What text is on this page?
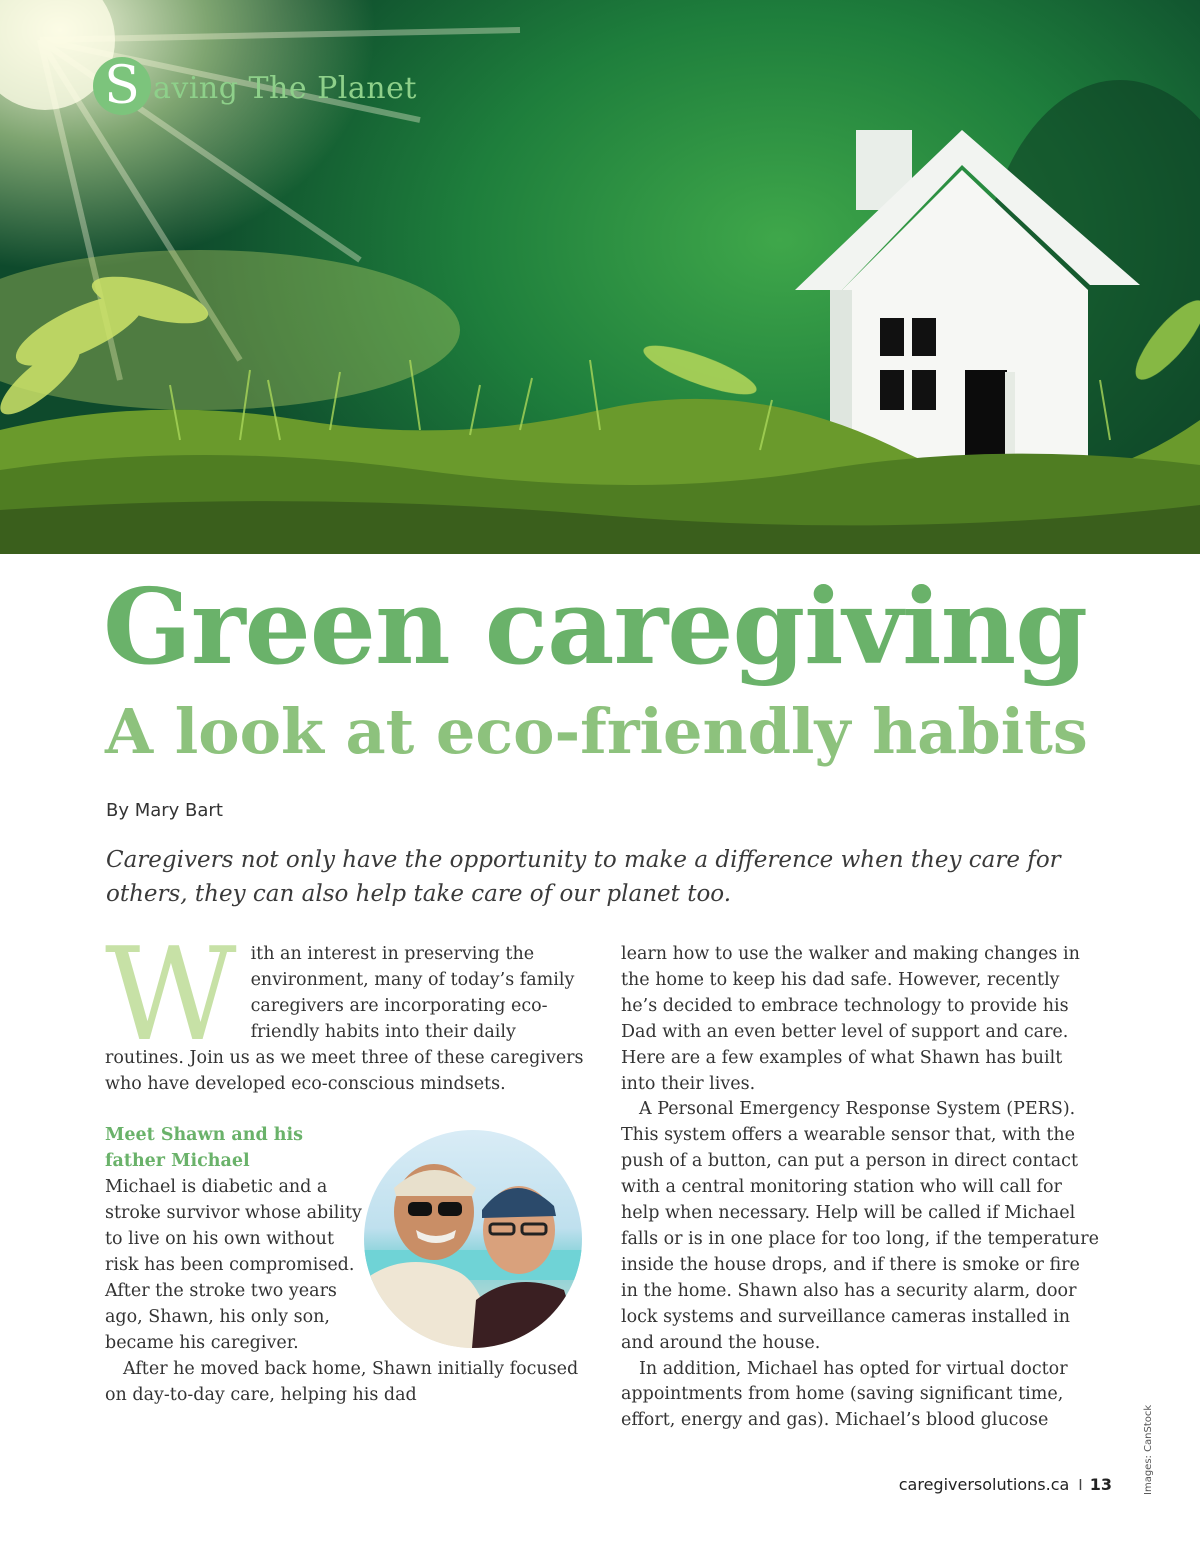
S aving The Planet
Green caregiving
A look at eco-friendly habits
By Mary Bart

Caregivers not only have the opportunity to make a difference when they care for others, they can also help take care of our planet too.

With an interest in preserving the environment, many of today’s family caregivers are incorporating eco-friendly habits into their daily routines. Join us as we meet three of these caregivers who have developed eco-conscious mindsets.

Meet Shawn and his father Michael

Michael is diabetic and a stroke survivor whose ability to live on his own without risk has been compromised. After the stroke two years ago, Shawn, his only son, became his caregiver.

After he moved back home, Shawn initially focused on day-to-day care, helping his dad

learn how to use the walker and making changes in the home to keep his dad safe. However, recently he’s decided to embrace technology to provide his Dad with an even better level of support and care. Here are a few examples of what Shawn has built into their lives.

A Personal Emergency Response System (PERS). This system offers a wearable sensor that, with the push of a button, can put a person in direct contact with a central monitoring station who will call for help when necessary. Help will be called if Michael falls or is in one place for too long, if the temperature inside the house drops, and if there is smoke or fire in the home. Shawn also has a security alarm, door lock systems and surveillance cameras installed in and around the house.

In addition, Michael has opted for virtual doctor appointments from home (saving significant time, effort, energy and gas). Michael’s blood glucose

caregiversolutions.ca I 13	Images: CanStock
